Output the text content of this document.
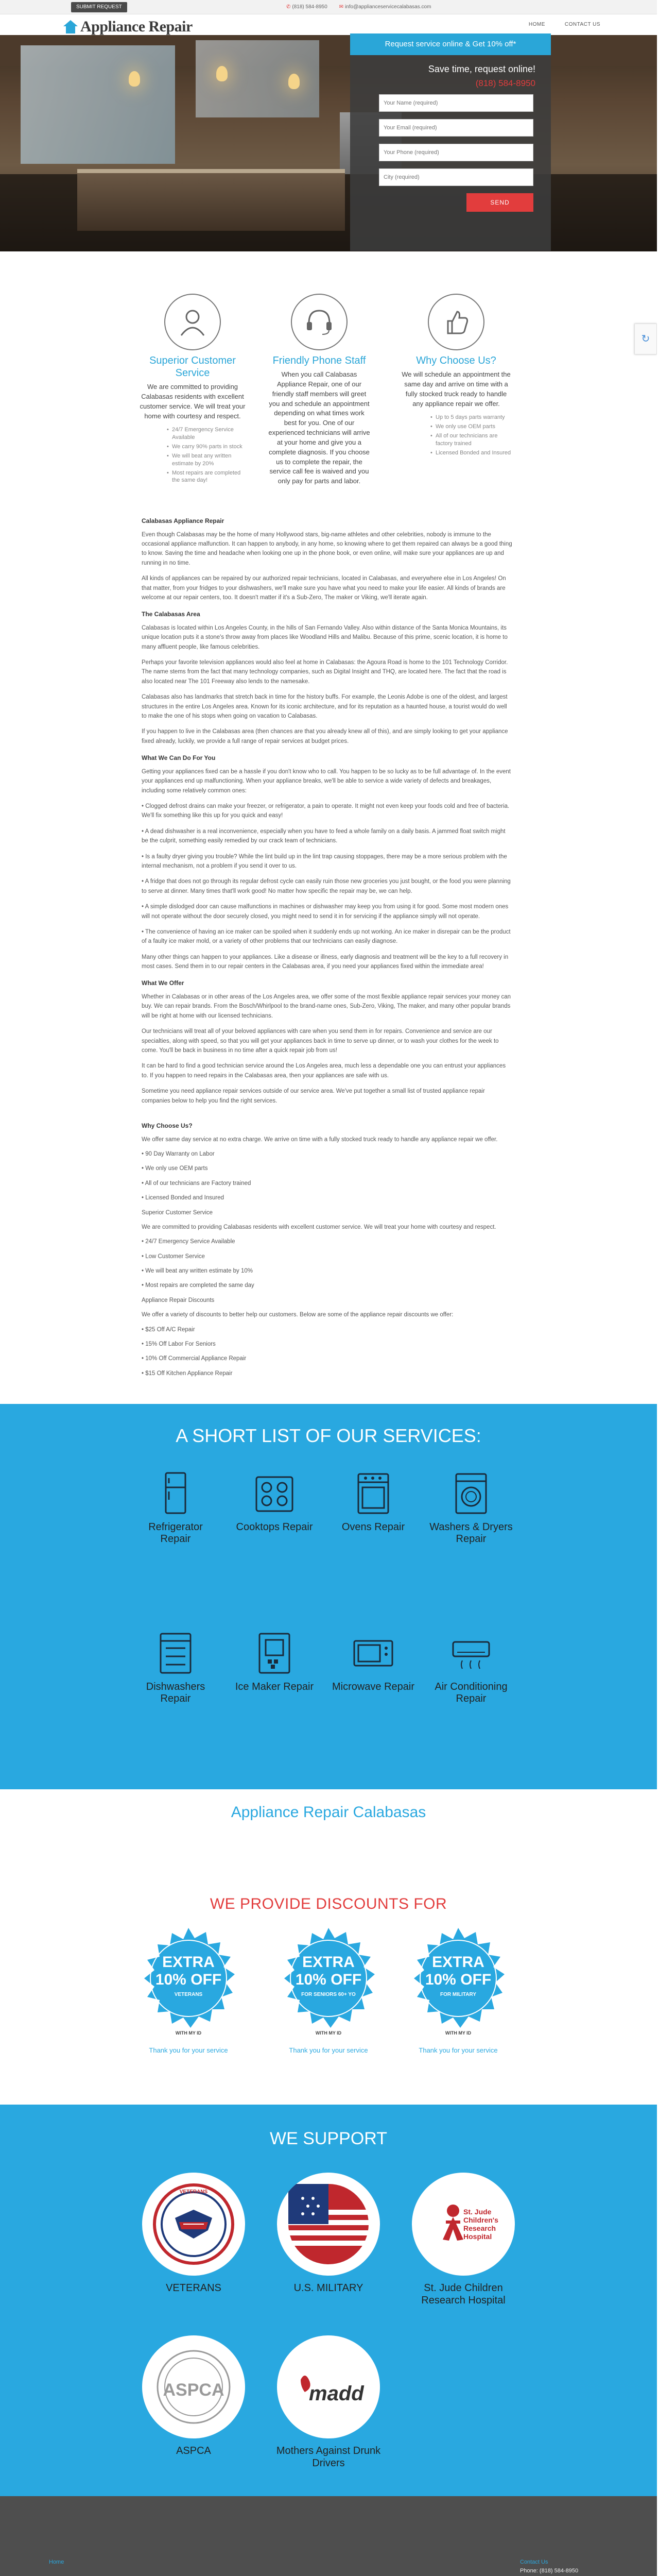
SUBMIT REQUEST	✆ (818) 584-8950 ✉ info@applianceservicecalabasas.com
Appliance Repair	HOME	CONTACT US
Request service online & Get 10% off*
Save time, request online!
(818) 584-8950
Your Name (required)
Your Email (required)
Your Phone (required)
City (required)
SEND
Superior Customer Service

We are committed to providing Calabasas residents with excellent customer service. We will treat your home with courtesy and respect.

• 24/7 Emergency Service Available
• We carry 90% parts in stock
• We will beat any written estimate by 20%
• Most repairs are completed the same day!
Friendly Phone Staff

When you call Calabasas Appliance Repair, one of our friendly staff members will greet you and schedule an appointment depending on what times work best for you. One of our experienced technicians will arrive at your home and give you a complete diagnosis. If you choose us to complete the repair, the service call fee is waived and you only pay for parts and labor.

Why Choose Us?

We will schedule an appointment the same day and arrive on time with a fully stocked truck ready to handle any appliance repair we offer.

• Up to 5 days parts warranty
• We only use OEM parts
• All of our technicians are factory trained
• Licensed Bonded and Insured
↻
Calabasas Appliance Repair

Even though Calabasas may be the home of many Hollywood stars, big-name athletes and other celebrities, nobody is immune to the occasional appliance malfunction. It can happen to anybody, in any home, so knowing where to get them repaired can always be a good thing to know. Saving the time and headache when looking one up in the phone book, or even online, will make sure your appliances are up and running in no time.

All kinds of appliances can be repaired by our authorized repair technicians, located in Calabasas, and everywhere else in Los Angeles! On that matter, from your fridges to your dishwashers, we'll make sure you have what you need to make your life easier. All kinds of brands are welcome at our repair centers, too. It doesn't matter if it's a Sub-Zero, The maker or Viking, we'll iterate again.

The Calabasas Area

Calabasas is located within Los Angeles County, in the hills of San Fernando Valley. Also within distance of the Santa Monica Mountains, its unique location puts it a stone's throw away from places like Woodland Hills and Malibu. Because of this prime, scenic location, it is home to many affluent people, like famous celebrities.

Perhaps your favorite television appliances would also feel at home in Calabasas: the Agoura Road is home to the 101 Technology Corridor. The name stems from the fact that many technology companies, such as Digital Insight and THQ, are located here. The fact that the road is also located near The 101 Freeway also lends to the namesake.

Calabasas also has landmarks that stretch back in time for the history buffs. For example, the Leonis Adobe is one of the oldest, and largest structures in the entire Los Angeles area. Known for its iconic architecture, and for its reputation as a haunted house, a tourist would do well to make the one of his stops when going on vacation to Calabasas.

If you happen to live in the Calabasas area (then chances are that you already knew all of this), and are simply looking to get your appliance fixed already, luckily, we provide a full range of repair services at budget prices.

What We Can Do For You

Getting your appliances fixed can be a hassle if you don't know who to call. You happen to be so lucky as to be full advantage of. In the event your appliances end up malfunctioning. When your appliance breaks, we'll be able to service a wide variety of defects and breakages, including some relatively common ones:

• Clogged defrost drains can make your freezer, or refrigerator, a pain to operate. It might not even keep your foods cold and free of bacteria. We'll fix something like this up for you quick and easy!

• A dead dishwasher is a real inconvenience, especially when you have to feed a whole family on a daily basis. A jammed float switch might be the culprit, something easily remedied by our crack team of technicians.

• Is a faulty dryer giving you trouble? While the lint build up in the lint trap causing stoppages, there may be a more serious problem with the internal mechanism, not a problem if you send it over to us.

• A fridge that does not go through its regular defrost cycle can easily ruin those new groceries you just bought, or the food you were planning to serve at dinner. Many times that'll work good! No matter how specific the repair may be, we can help.

• A simple dislodged door can cause malfunctions in machines or dishwasher may keep you from using it for good. Some most modern ones will not operate without the door securely closed, you might need to send it in for servicing if the appliance simply will not operate.

• The convenience of having an ice maker can be spoiled when it suddenly ends up not working. An ice maker in disrepair can be the product of a faulty ice maker mold, or a variety of other problems that our technicians can easily diagnose.

Many other things can happen to your appliances. Like a disease or illness, early diagnosis and treatment will be the key to a full recovery in most cases. Send them in to our repair centers in the Calabasas area, if you need your appliances fixed within the immediate area!

What We Offer

Whether in Calabasas or in other areas of the Los Angeles area, we offer some of the most flexible appliance repair services your money can buy. We can repair brands. From the Bosch/Whirlpool to the brand-name ones, Sub-Zero, Viking, The maker, and many other popular brands will be right at home with our licensed technicians.

Our technicians will treat all of your beloved appliances with care when you send them in for repairs. Convenience and service are our specialties, along with speed, so that you will get your appliances back in time to serve up dinner, or to wash your clothes for the week to come. You'll be back in business in no time after a quick repair job from us!

It can be hard to find a good technician service around the Los Angeles area, much less a dependable one you can entrust your appliances to. If you happen to need repairs in the Calabasas area, then your appliances are safe with us.

Sometime you need appliance repair services outside of our service area. We've put together a small list of trusted appliance repair companies below to help you find the right services.

Why Choose Us?

We offer same day service at no extra charge. We arrive on time with a fully stocked truck ready to handle any appliance repair we offer.

• 90 Day Warranty on Labor

• We only use OEM parts

• All of our technicians are Factory trained

• Licensed Bonded and Insured

Superior Customer Service

We are committed to providing Calabasas residents with excellent customer service. We will treat your home with courtesy and respect.

• 24/7 Emergency Service Available

• Low Customer Service

• We will beat any written estimate by 10%

• Most repairs are completed the same day

Appliance Repair Discounts

We offer a variety of discounts to better help our customers. Below are some of the appliance repair discounts we offer:

• $25 Off A/C Repair

• 15% Off Labor For Seniors

• 10% Off Commercial Appliance Repair

• $15 Off Kitchen Appliance Repair

A SHORT LIST OF OUR SERVICES:
Refrigerator Repair
Cooktops Repair	Ovens Repair	Washers & Dryers Repair
Dishwashers Repair
Ice Maker Repair	Microwave Repair	Air Conditioning Repair
Appliance Repair Calabasas
WE PROVIDE DISCOUNTS FOR
EXTRA
10% OFF
VETERANS
WITH MY ID
Thank you for your service
EXTRA
10% OFF
FOR SENIORS 60+ YO
WITH MY ID
Thank you for your service
EXTRA
10% OFF
FOR MILITARY
WITH MY ID
Thank you for your service
WE SUPPORT
VETERANS
VETERANS	U.S. MILITARY
St. Jude Children's Research Hospital
St. Jude Children Research Hospital
ASPCA
ASPCA
madd
Mothers Against Drunk Drivers
Home	Contact Us
Phone: (818) 584-8950
